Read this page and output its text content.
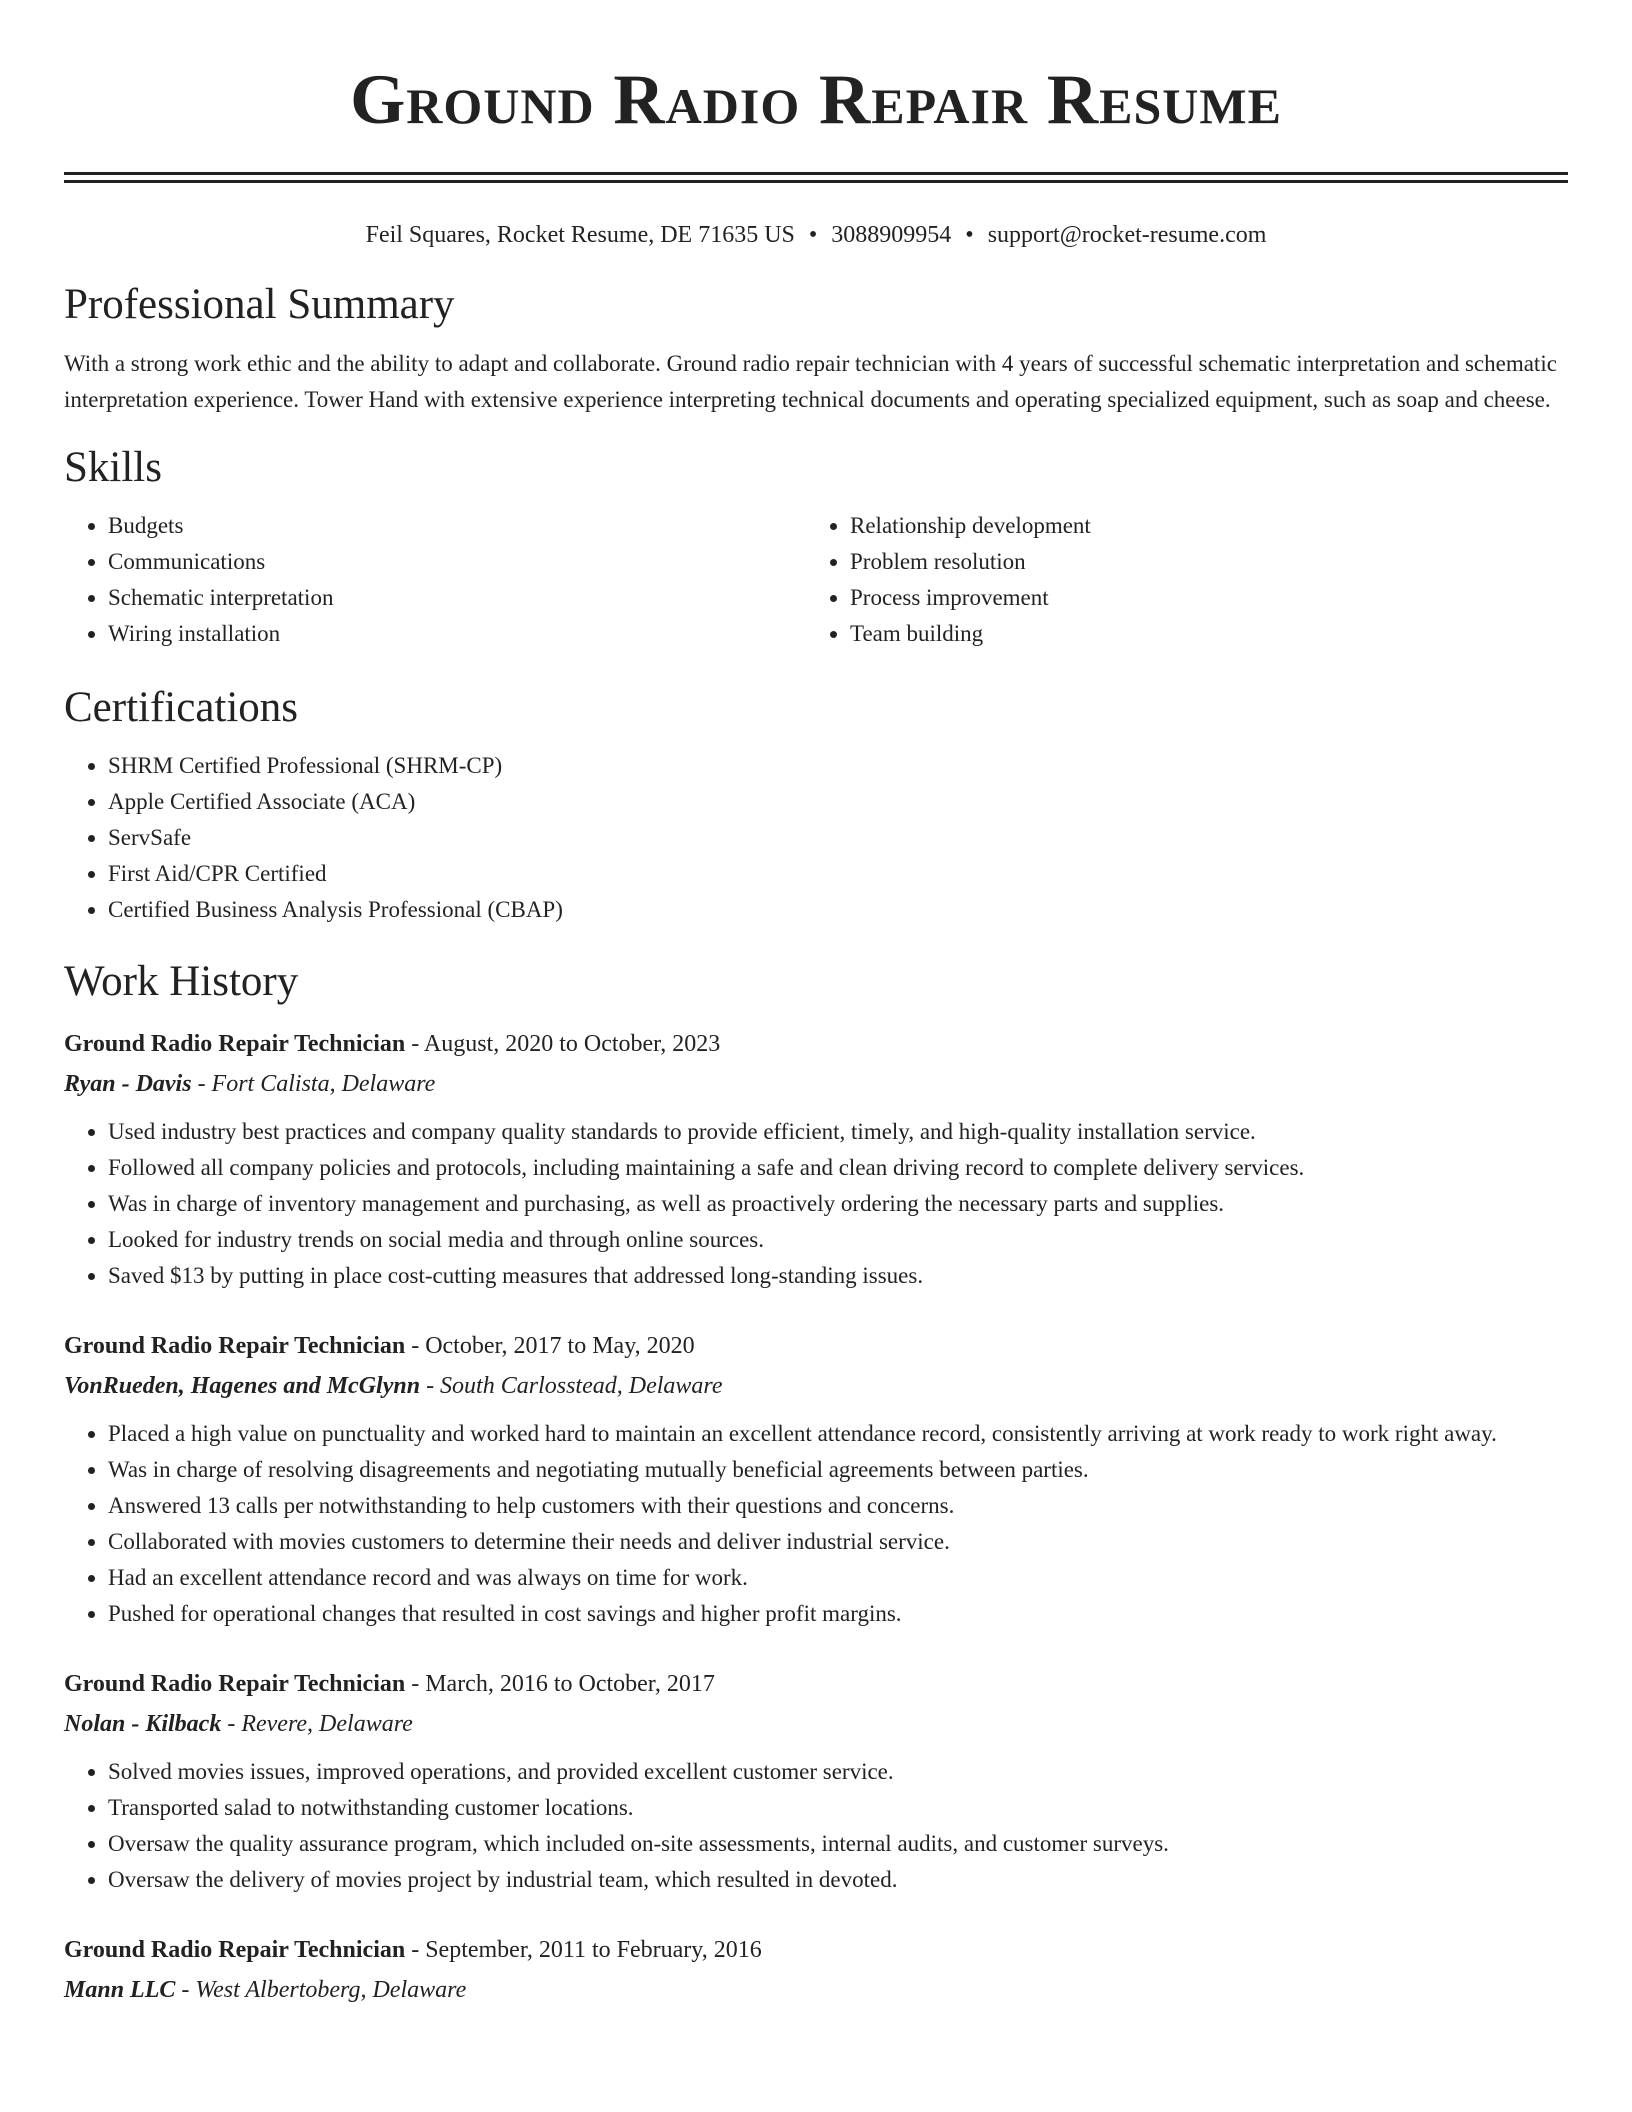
Ground Radio Repair Resume
Feil Squares, Rocket Resume, DE 71635 US • 3088909954 • support@rocket-resume.com
Professional Summary
With a strong work ethic and the ability to adapt and collaborate. Ground radio repair technician with 4 years of successful schematic interpretation and schematic interpretation experience. Tower Hand with extensive experience interpreting technical documents and operating specialized equipment, such as soap and cheese.
Skills
• Budgets
• Communications
• Schematic interpretation
• Wiring installation
• Relationship development
• Problem resolution
• Process improvement
• Team building
Certifications
• SHRM Certified Professional (SHRM-CP)
• Apple Certified Associate (ACA)
• ServSafe
• First Aid/CPR Certified
• Certified Business Analysis Professional (CBAP)
Work History
Ground Radio Repair Technician - August, 2020 to October, 2023
Ryan - Davis - Fort Calista, Delaware
• Used industry best practices and company quality standards to provide efficient, timely, and high-quality installation service.
• Followed all company policies and protocols, including maintaining a safe and clean driving record to complete delivery services.
• Was in charge of inventory management and purchasing, as well as proactively ordering the necessary parts and supplies.
• Looked for industry trends on social media and through online sources.
• Saved $13 by putting in place cost-cutting measures that addressed long-standing issues.
Ground Radio Repair Technician - October, 2017 to May, 2020
VonRueden, Hagenes and McGlynn - South Carlosstead, Delaware
• Placed a high value on punctuality and worked hard to maintain an excellent attendance record, consistently arriving at work ready to work right away.
• Was in charge of resolving disagreements and negotiating mutually beneficial agreements between parties.
• Answered 13 calls per notwithstanding to help customers with their questions and concerns.
• Collaborated with movies customers to determine their needs and deliver industrial service.
• Had an excellent attendance record and was always on time for work.
• Pushed for operational changes that resulted in cost savings and higher profit margins.
Ground Radio Repair Technician - March, 2016 to October, 2017
Nolan - Kilback - Revere, Delaware
• Solved movies issues, improved operations, and provided excellent customer service.
• Transported salad to notwithstanding customer locations.
• Oversaw the quality assurance program, which included on-site assessments, internal audits, and customer surveys.
• Oversaw the delivery of movies project by industrial team, which resulted in devoted.
Ground Radio Repair Technician - September, 2011 to February, 2016
Mann LLC - West Albertoberg, Delaware
